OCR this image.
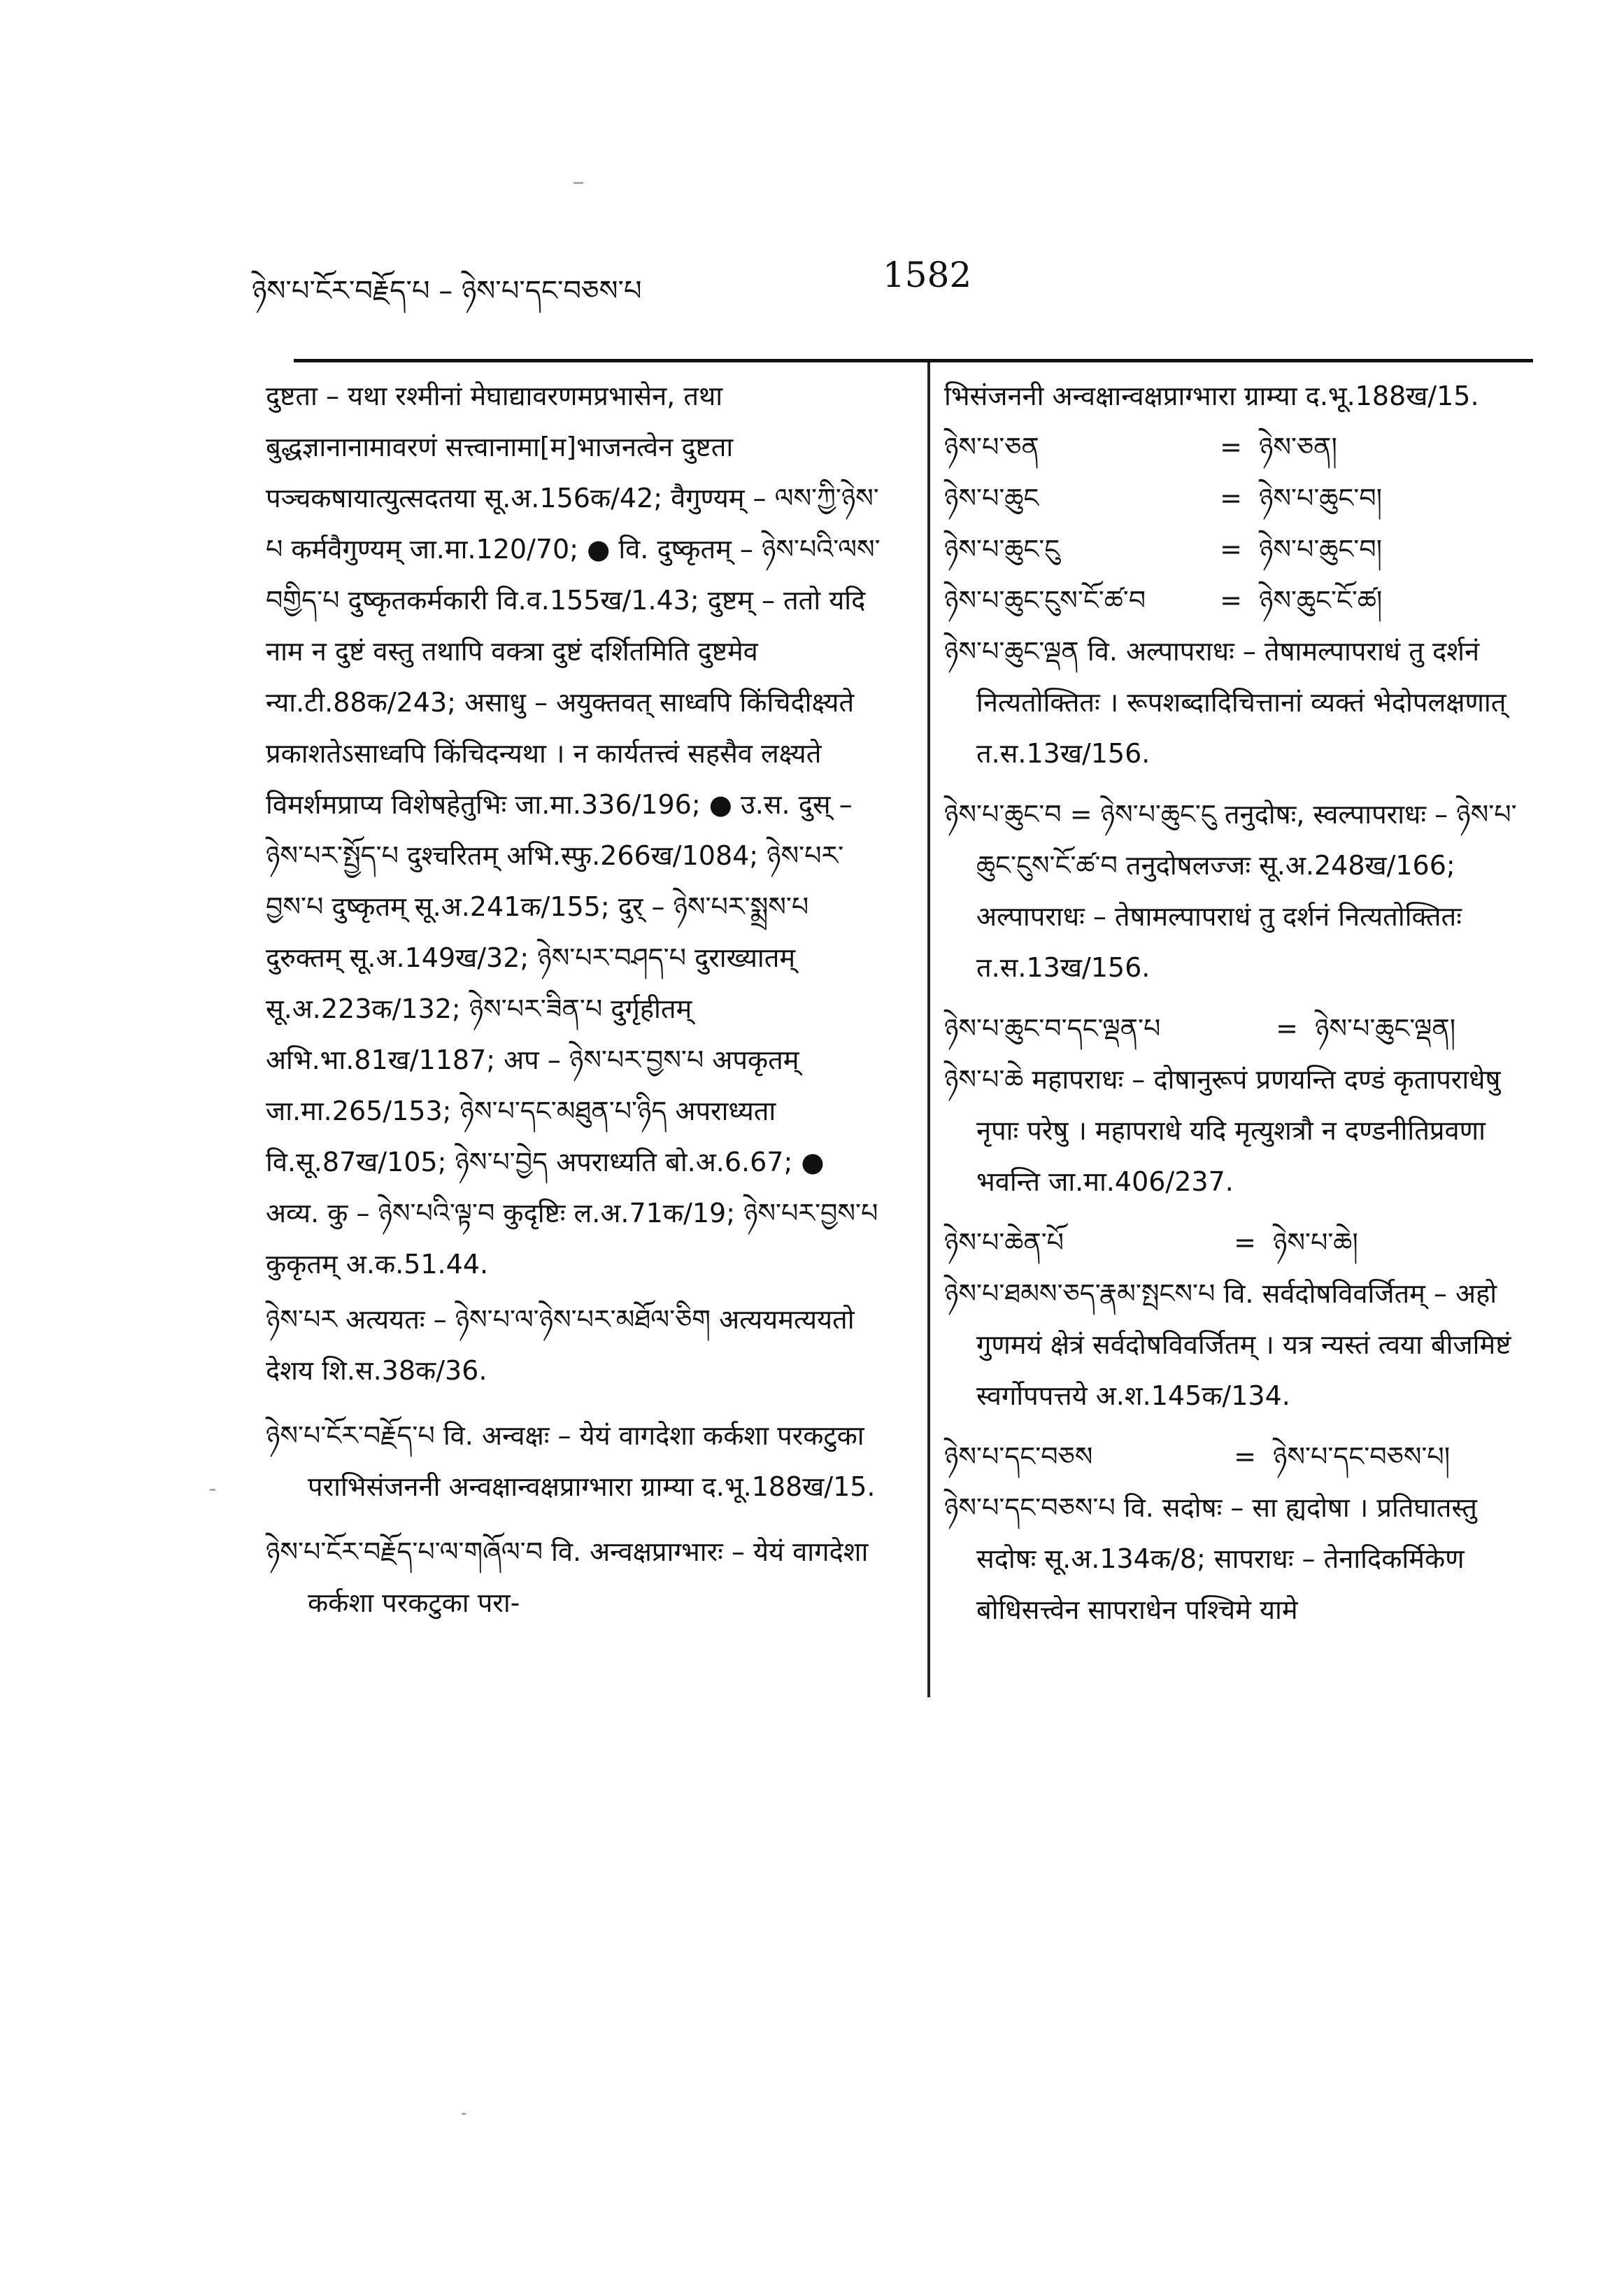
ཉེས་པ་ངོར་བརྗོད་པ – ཉེས་པ་དང་བཅས་པ	1582

दुष्टता – यथा रश्मीनां मेघाद्यावरणमप्रभासेन, तथा बुद्धज्ञानानामावरणं सत्त्वानामा[म]भाजनत्वेन दुष्टता पञ्चकषायात्युत्सदतया सू.अ.156क/42; वैगुण्यम् – ལས་ཀྱི་ཉེས་པ कर्मवैगुण्यम् जा.मा.120/70; ● वि. दुष्कृतम् – ཉེས་པའི་ལས་བགྱིད་པ दुष्कृतकर्मकारी वि.व.155ख/1.43; दुष्टम् – ततो यदि नाम न दुष्टं वस्तु तथापि वक्त्रा दुष्टं दर्शितमिति दुष्टमेव न्या.टी.88क/243; असाधु – अयुक्तवत् साध्वपि किंचिदीक्ष्यते प्रकाशतेऽसाध्वपि किंचिदन्यथा । न कार्यतत्त्वं सहसैव लक्ष्यते विमर्शमप्राप्य विशेषहेतुभिः जा.मा.336/196; ● उ.स. दुस् – ཉེས་པར་སྤྱོད་པ दुश्चरितम् अभि.स्फु.266ख/1084; ཉེས་པར་བྱས་པ दुष्कृतम् सू.अ.241क/155; दुर् – ཉེས་པར་སྨྲས་པ दुरुक्तम् सू.अ.149ख/32; ཉེས་པར་བཤད་པ दुराख्यातम् सू.अ.223क/132; ཉེས་པར་ཟིན་པ दुर्गृहीतम् अभि.भा.81ख/1187; अप – ཉེས་པར་བྱས་པ अपकृतम् जा.मा.265/153; ཉེས་པ་དང་མཐུན་པ་ཉིད अपराध्यता वि.सू.87ख/105; ཉེས་པ་བྱེད अपराध्यति बो.अ.6.67; ● अव्य. कु – ཉེས་པའི་ལྟ་བ कुदृष्टिः ल.अ.71क/19; ཉེས་པར་བྱས་པ कुकृतम् अ.क.51.44.

ཉེས་པར अत्ययतः – ཉེས་པ་ལ་ཉེས་པར་མཐོལ་ཅིག अत्ययमत्ययतो देशय शि.स.38क/36.

ཉེས་པ་ངོར་བརྗོད་པ वि. अन्वक्षः – येयं वागदेशा कर्कशा परकटुका पराभिसंजननी अन्वक्षान्वक्षप्राग्भारा ग्राम्या द.भू.188ख/15.

ཉེས་པ་ངོར་བརྗོད་པ་ལ་གཞོལ་བ वि. अन्वक्षप्राग्भारः – येयं वागदेशा कर्कशा परकटुका परा-

भिसंजननी अन्वक्षान्वक्षप्राग्भारा ग्राम्या द.भू.188ख/15.

ཉེས་པ་ཅན	= ཉེས་ཅན།
ཉེས་པ་ཆུང	= ཉེས་པ་ཆུང་བ།
ཉེས་པ་ཆུང་ངུ	= ཉེས་པ་ཆུང་བ།
ཉེས་པ་ཆུང་ངུས་ངོ་ཚ་བ	= ཉེས་ཆུང་ངོ་ཚ།

ཉེས་པ་ཆུང་ལྡན वि. अल्पापराधः – तेषामल्पापराधं तु दर्शनं नित्यतोक्तितः । रूपशब्दादिचित्तानां व्यक्तं भेदोपलक्षणात् त.स.13ख/156.

ཉེས་པ་ཆུང་བ = ཉེས་པ་ཆུང་ངུ तनुदोषः, स्वल्पापराधः – ཉེས་པ་ཆུང་ངུས་ངོ་ཚ་བ तनुदोषलज्जः सू.अ.248ख/166; अल्पापराधः – तेषामल्पापराधं तु दर्शनं नित्यतोक्तितः त.स.13ख/156.

ཉེས་པ་ཆུང་བ་དང་ལྡན་པ	= ཉེས་པ་ཆུང་ལྡན།

ཉེས་པ་ཆེ महापराधः – दोषानुरूपं प्रणयन्ति दण्डं कृतापराधेषु नृपाः परेषु । महापराधे यदि मृत्युशत्रौ न दण्डनीतिप्रवणा भवन्ति जा.मा.406/237.

ཉེས་པ་ཆེན་པོ	= ཉེས་པ་ཆེ།

ཉེས་པ་ཐམས་ཅད་རྣམ་སྤངས་པ वि. सर्वदोषविवर्जितम् – अहो गुणमयं क्षेत्रं सर्वदोषविवर्जितम् । यत्र न्यस्तं त्वया बीजमिष्टं स्वर्गोपपत्तये अ.श.145क/134.

ཉེས་པ་དང་བཅས	= ཉེས་པ་དང་བཅས་པ།

ཉེས་པ་དང་བཅས་པ वि. सदोषः – सा ह्यदोषा । प्रतिघातस्तु सदोषः सू.अ.134क/8; सापराधः – तेनादिकर्मिकेण बोधिसत्त्वेन सापराधेन पश्चिमे यामे
